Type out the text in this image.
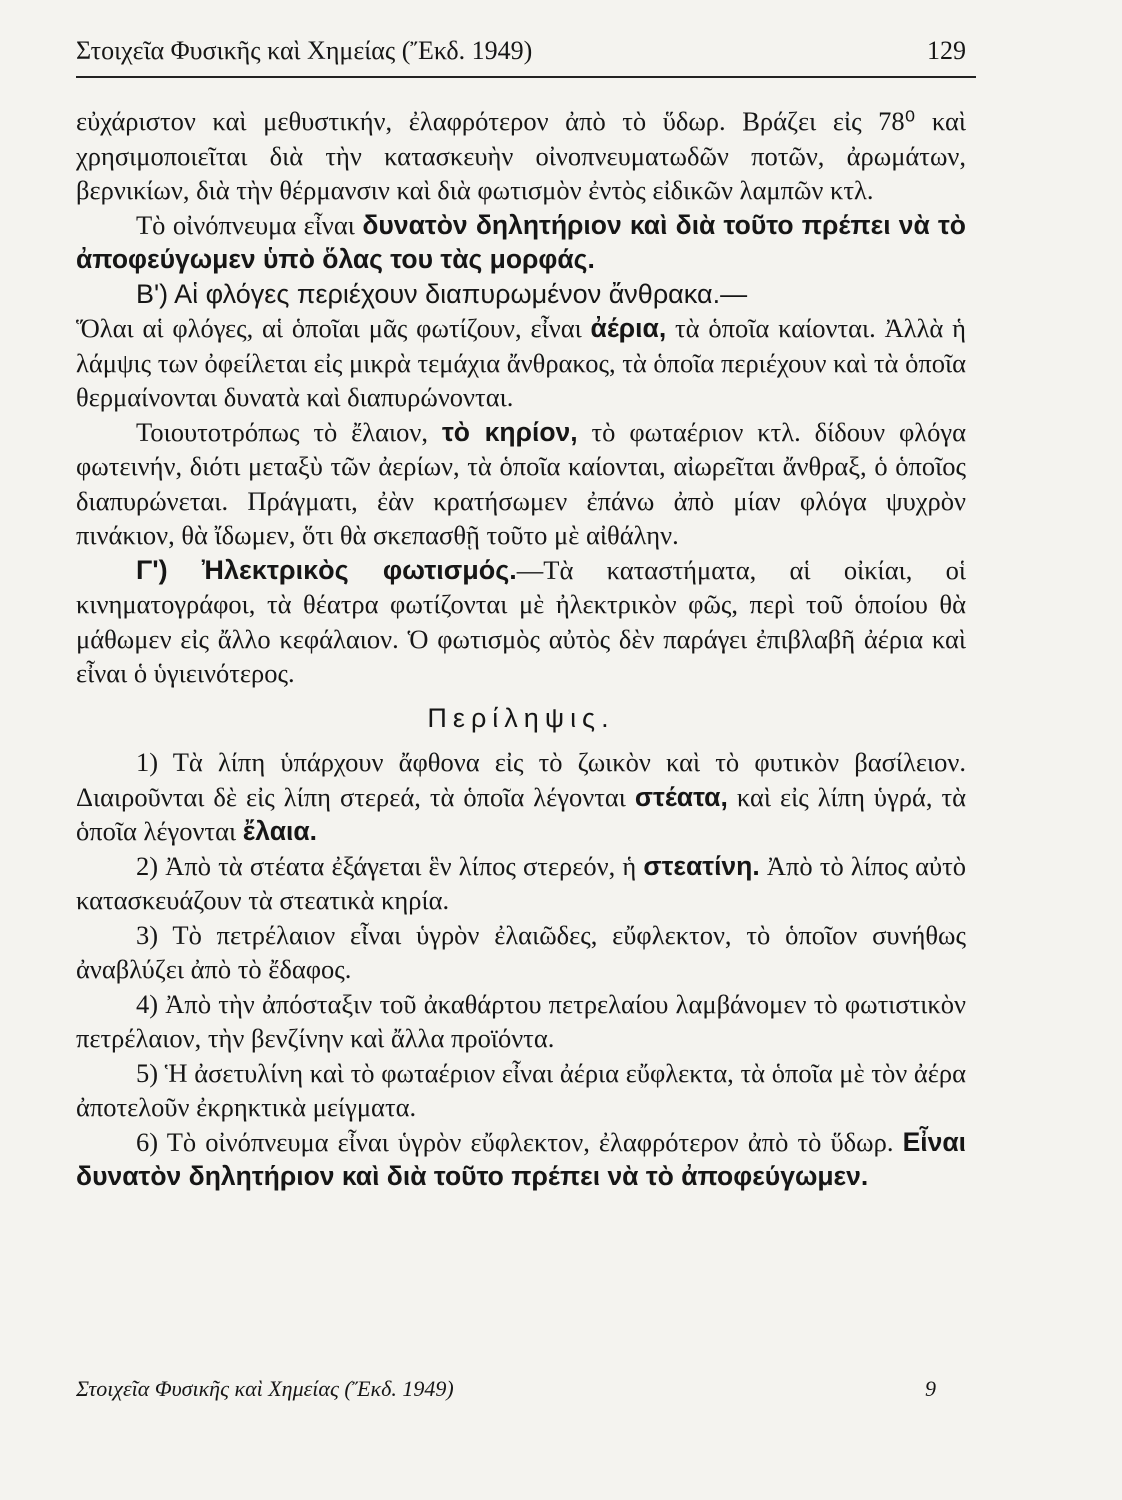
Στοιχεῖα Φυσικῆς καὶ Χημείας (Ἔκδ. 1949)	129

εὐχάριστον καὶ μεθυστικήν, ἐλαφρότερον ἀπὸ τὸ ὕδωρ. Βράζει εἰς 78⁰ καὶ χρησιμοποιεῖται διὰ τὴν κατασκευὴν οἰνοπνευματωδῶν ποτῶν, ἀρωμάτων, βερνικίων, διὰ τὴν θέρμανσιν καὶ διὰ φωτισμὸν ἐντὸς εἰδικῶν λαμπῶν κτλ.

Τὸ οἰνόπνευμα εἶναι δυνατὸν δηλητήριον καὶ διὰ τοῦτο πρέπει νὰ τὸ ἀποφεύγωμεν ὑπὸ ὅλας του τὰς μορφάς.

Β') Αἱ φλόγες περιέχουν διαπυρωμένον ἄνθρακα.—

Ὅλαι αἱ φλόγες, αἱ ὁποῖαι μᾶς φωτίζουν, εἶναι ἀέρια, τὰ ὁποῖα καίονται. Ἀλλὰ ἡ λάμψις των ὀφείλεται εἰς μικρὰ τεμάχια ἄνθρακος, τὰ ὁποῖα περιέχουν καὶ τὰ ὁποῖα θερμαίνονται δυνατὰ καὶ διαπυρώνονται.

Τοιουτοτρόπως τὸ ἔλαιον, τὸ κηρίον, τὸ φωταέριον κτλ. δίδουν φλόγα φωτεινήν, διότι μεταξὺ τῶν ἀερίων, τὰ ὁποῖα καίονται, αἰωρεῖται ἄνθραξ, ὁ ὁποῖος διαπυρώνεται. Πράγματι, ἐὰν κρατήσωμεν ἐπάνω ἀπὸ μίαν φλόγα ψυχρὸν πινάκιον, θὰ ἴδωμεν, ὅτι θὰ σκεπασθῇ τοῦτο μὲ αἰθάλην.

Γ') Ἠλεκτρικὸς φωτισμός.—Τὰ καταστήματα, αἱ οἰκίαι, οἱ κινηματογράφοι, τὰ θέατρα φωτίζονται μὲ ἠλεκτρικὸν φῶς, περὶ τοῦ ὁποίου θὰ μάθωμεν εἰς ἄλλο κεφάλαιον. Ὁ φωτισμὸς αὐτὸς δὲν παράγει ἐπιβλαβῆ ἀέρια καὶ εἶναι ὁ ὑγιεινότερος.

Περίληψις.

1) Τὰ λίπη ὑπάρχουν ἄφθονα εἰς τὸ ζωικὸν καὶ τὸ φυτικὸν βασίλειον. Διαιροῦνται δὲ εἰς λίπη στερεά, τὰ ὁποῖα λέγονται στέατα, καὶ εἰς λίπη ὑγρά, τὰ ὁποῖα λέγονται ἔλαια.

2) Ἀπὸ τὰ στέατα ἐξάγεται ἓν λίπος στερεόν, ἡ στεατίνη. Ἀπὸ τὸ λίπος αὐτὸ κατασκευάζουν τὰ στεατικὰ κηρία.

3) Τὸ πετρέλαιον εἶναι ὑγρὸν ἐλαιῶδες, εὔφλεκτον, τὸ ὁποῖον συνήθως ἀναβλύζει ἀπὸ τὸ ἔδαφος.

4) Ἀπὸ τὴν ἀπόσταξιν τοῦ ἀκαθάρτου πετρελαίου λαμβάνομεν τὸ φωτιστικὸν πετρέλαιον, τὴν βενζίνην καὶ ἄλλα προϊόντα.

5) Ἡ ἀσετυλίνη καὶ τὸ φωταέριον εἶναι ἀέρια εὔφλεκτα, τὰ ὁποῖα μὲ τὸν ἀέρα ἀποτελοῦν ἐκρηκτικὰ μείγματα.

6) Τὸ οἰνόπνευμα εἶναι ὑγρὸν εὔφλεκτον, ἐλαφρότερον ἀπὸ τὸ ὕδωρ. Εἶναι δυνατὸν δηλητήριον καὶ διὰ τοῦτο πρέπει νὰ τὸ ἀποφεύγωμεν.

Στοιχεῖα Φυσικῆς καὶ Χημείας (Ἔκδ. 1949)	9
